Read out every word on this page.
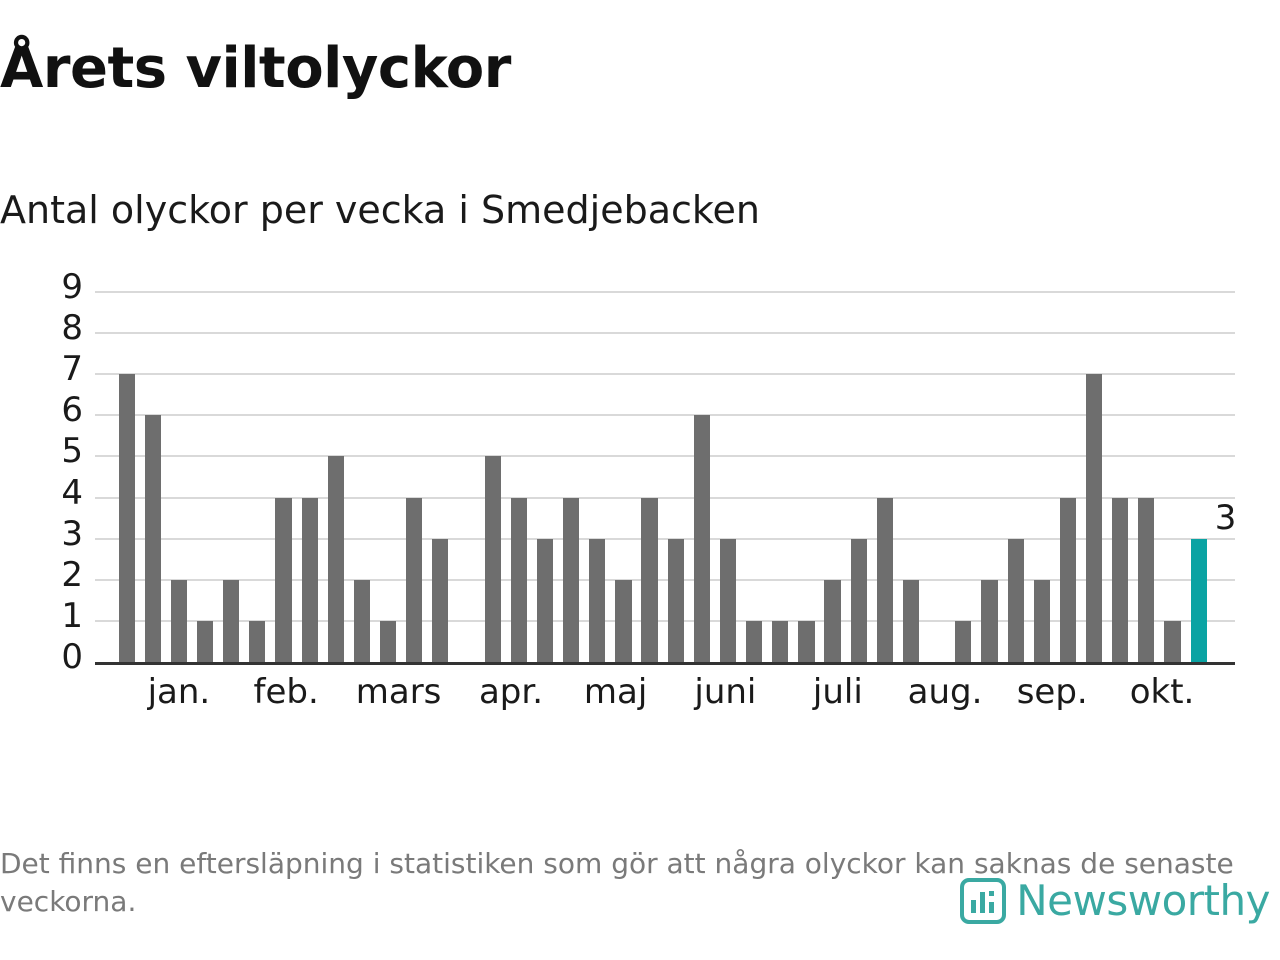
Årets viltolyckor
Antal olyckor per vecka i Smedjebacken
0
1
2
3
4
5
6
7
8
9
3
jan. feb. mars apr. maj juni juli aug. sep. okt.
Det finns en eftersläpning i statistiken som gör att några olyckor kan saknas de senaste veckorna.	Newsworthy
